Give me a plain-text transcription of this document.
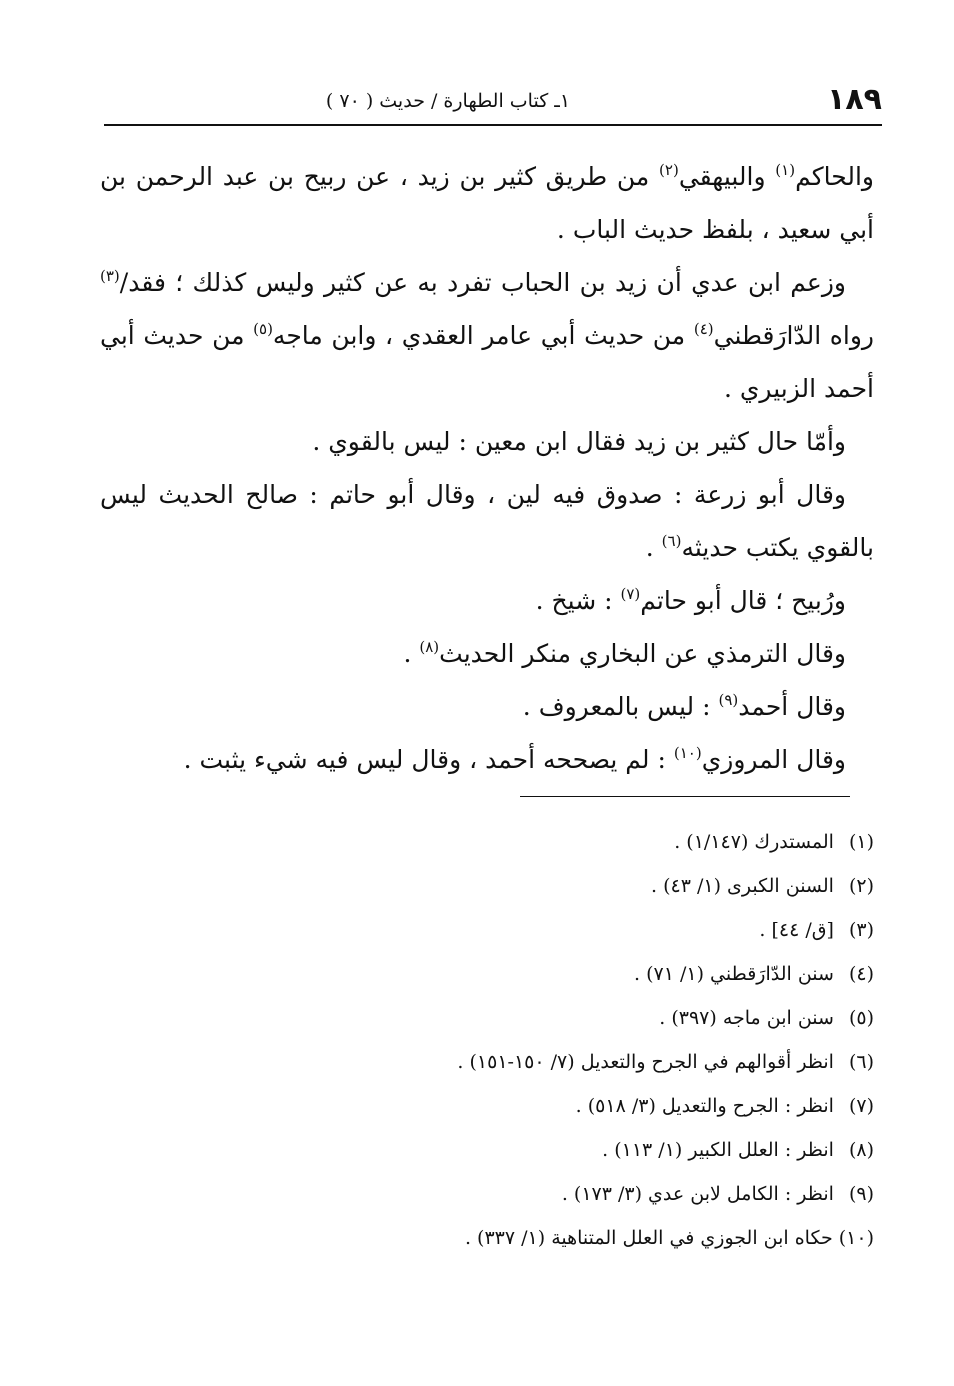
١٨٩
١ـ كتاب الطهارة / حديث ( ٧٠ )

والحاكم$^{(١)}$ والبيهقي$^{(٢)}$ من طريق كثير بن زيد ، عن ربيح بن عبد الرحمن بن أبي سعيد ، بلفظ حديث الباب .

وزعم ابن عدي أن زيد بن الحباب تفرد به عن كثير وليس كذلك ؛ فقد/$^{(٣)}$ رواه الدّارَقطني$^{(٤)}$ من حديث أبي عامر العقدي ، وابن ماجه$^{(٥)}$ من حديث أبي أحمد الزبيري .

وأمّا حال كثير بن زيد فقال ابن معين : ليس بالقوي .

وقال أبو زرعة : صدوق فيه لين ، وقال أبو حاتم : صالح الحديث ليس بالقوي يكتب حديثه$^{(٦)}$ .

ورُبيح ؛ قال أبو حاتم$^{(٧)}$ : شيخ .

وقال الترمذي عن البخاري منكر الحديث$^{(٨)}$ .

وقال أحمد$^{(٩)}$ : ليس بالمعروف .

وقال المروزي$^{(١٠)}$ : لم يصححه أحمد ، وقال ليس فيه شيء يثبت .

(١) المستدرك (١/١٤٧) .
(٢) السنن الكبرى (١/ ٤٣) .
(٣) [ق/ ٤٤] .
(٤) سنن الدّارَقطني (١/ ٧١) .
(٥) سنن ابن ماجه (٣٩٧) .
(٦) انظر أقوالهم في الجرح والتعديل (٧/ ١٥٠-١٥١) .
(٧) انظر : الجرح والتعديل (٣/ ٥١٨) .
(٨) انظر : العلل الكبير (١/ ١١٣) .
(٩) انظر : الكامل لابن عدي (٣/ ١٧٣) .
(١٠) حكاه ابن الجوزي في العلل المتناهية (١/ ٣٣٧) .
